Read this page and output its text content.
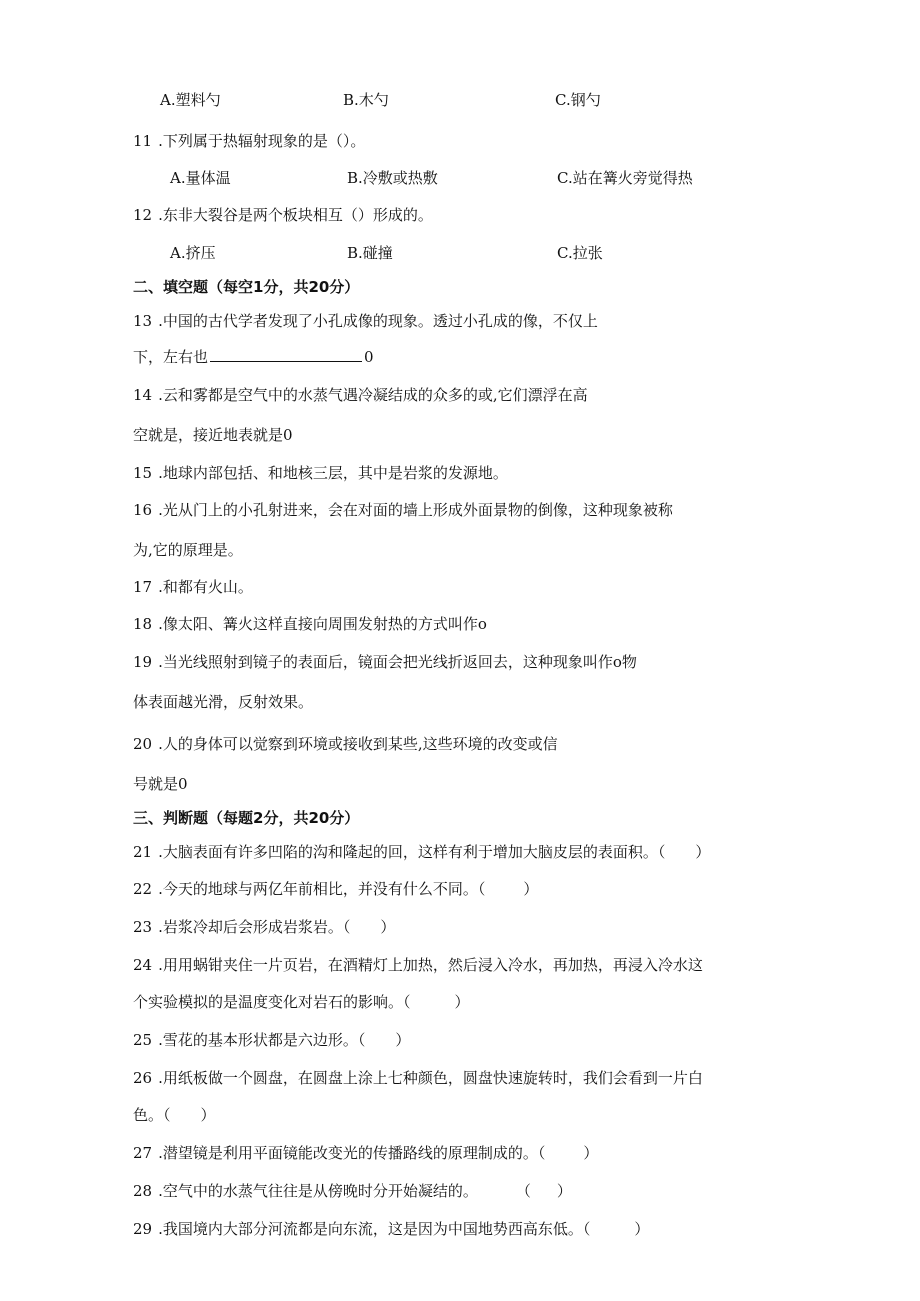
A.塑料勺	B.木勺	C.钢勺
11 .下列属于热辐射现象的是（）。
A.量体温	B.冷敷或热敷	C.站在篝火旁觉得热
12 .东非大裂谷是两个板块相互（）形成的。
A.挤压	B.碰撞	C.拉张
二、填空题（每空1分，共20分）
13 .中国的古代学者发现了小孔成像的现象。透过小孔成的像，不仅上
下，左右也	0
14 .云和雾都是空气中的水蒸气遇冷凝结成的众多的或,它们漂浮在高
空就是，接近地表就是0
15 .地球内部包括、和地核三层，其中是岩浆的发源地。
16 .光从门上的小孔射进来，会在对面的墙上形成外面景物的倒像，这种现象被称
为,它的原理是。
17 .和都有火山。
18 .像太阳、篝火这样直接向周围发射热的方式叫作o
19 .当光线照射到镜子的表面后，镜面会把光线折返回去，这种现象叫作o物
体表面越光滑，反射效果。
20 .人的身体可以觉察到环境或接收到某些,这些环境的改变或信
号就是0
三、判断题（每题2分，共20分）
21 .大脑表面有许多凹陷的沟和隆起的回，这样有利于增加大脑皮层的表面积。（ ）
22 .今天的地球与两亿年前相比，并没有什么不同。（	）
23 .岩浆冷却后会形成岩浆岩。（ ）
24 .用用蜗钳夹住一片页岩，在酒精灯上加热，然后浸入冷水，再加热，再浸入冷水这
个实验模拟的是温度变化对岩石的影响。（	）
25 .雪花的基本形状都是六边形。（ ）
26 .用纸板做一个圆盘，在圆盘上涂上七种颜色，圆盘快速旋转时，我们会看到一片白
色。（ ）
27 .潜望镜是利用平面镜能改变光的传播路线的原理制成的。（	）
28 .空气中的水蒸气往往是从傍晚时分开始凝结的。	（ ）
29 .我国境内大部分河流都是向东流，这是因为中国地势西高东低。（	）
